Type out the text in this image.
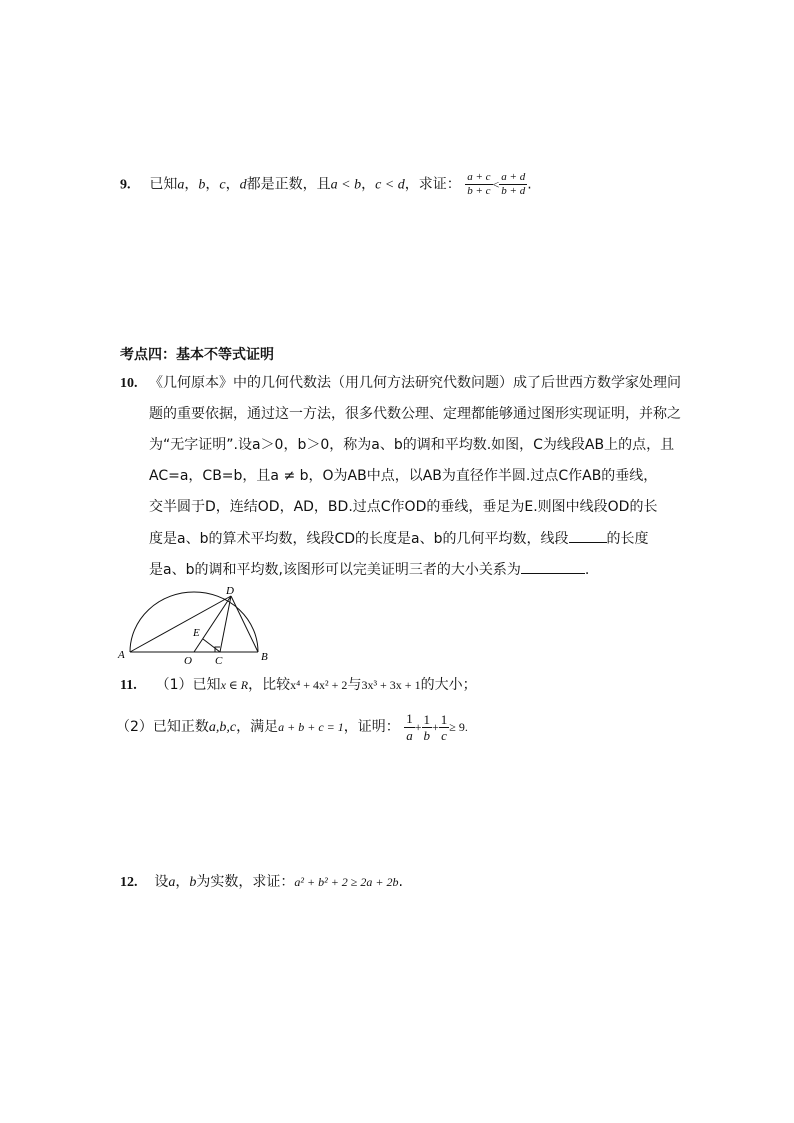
9. 已知a，b，c，d都是正数，且a < b，c < d，求证： $\frac{a + c}{b + c} < \frac{a + d}{b + d}$ .
考点四：基本不等式证明
10. 《几何原本》中的几何代数法（用几何方法研究代数问题）成了后世西方数学家处理问
题的重要依据，通过这一方法，很多代数公理、定理都能够通过图形实现证明，并称之
为“无字证明”.设a＞0，b＞0，称为a、b的调和平均数.如图，C为线段AB上的点，且
AC=a，CB=b，且a ≠ b，O为AB中点，以AB为直径作半圆.过点C作AB的垂线，
交半圆于D，连结OD，AD，BD.过点C作OD的垂线，垂足为E.则图中线段OD的长
度是a、b的算术平均数，线段CD的长度是a、b的几何平均数，线段	的长度
是a、b的调和平均数,该图形可以完美证明三者的大小关系为	.
A	B
C
D
E
O
11. （1）已知x ∈ R，比较x⁴ + 4x² + 2与3x³ + 3x + 1的大小；
（2）已知正数a,b,c，满足a + b + c = 1，证明： $\frac{1}{a} + \frac{1}{b} + \frac{1}{c} \ge 9$.
12. 设a，b为实数，求证：a² + b² + 2 ≥ 2a + 2b.
